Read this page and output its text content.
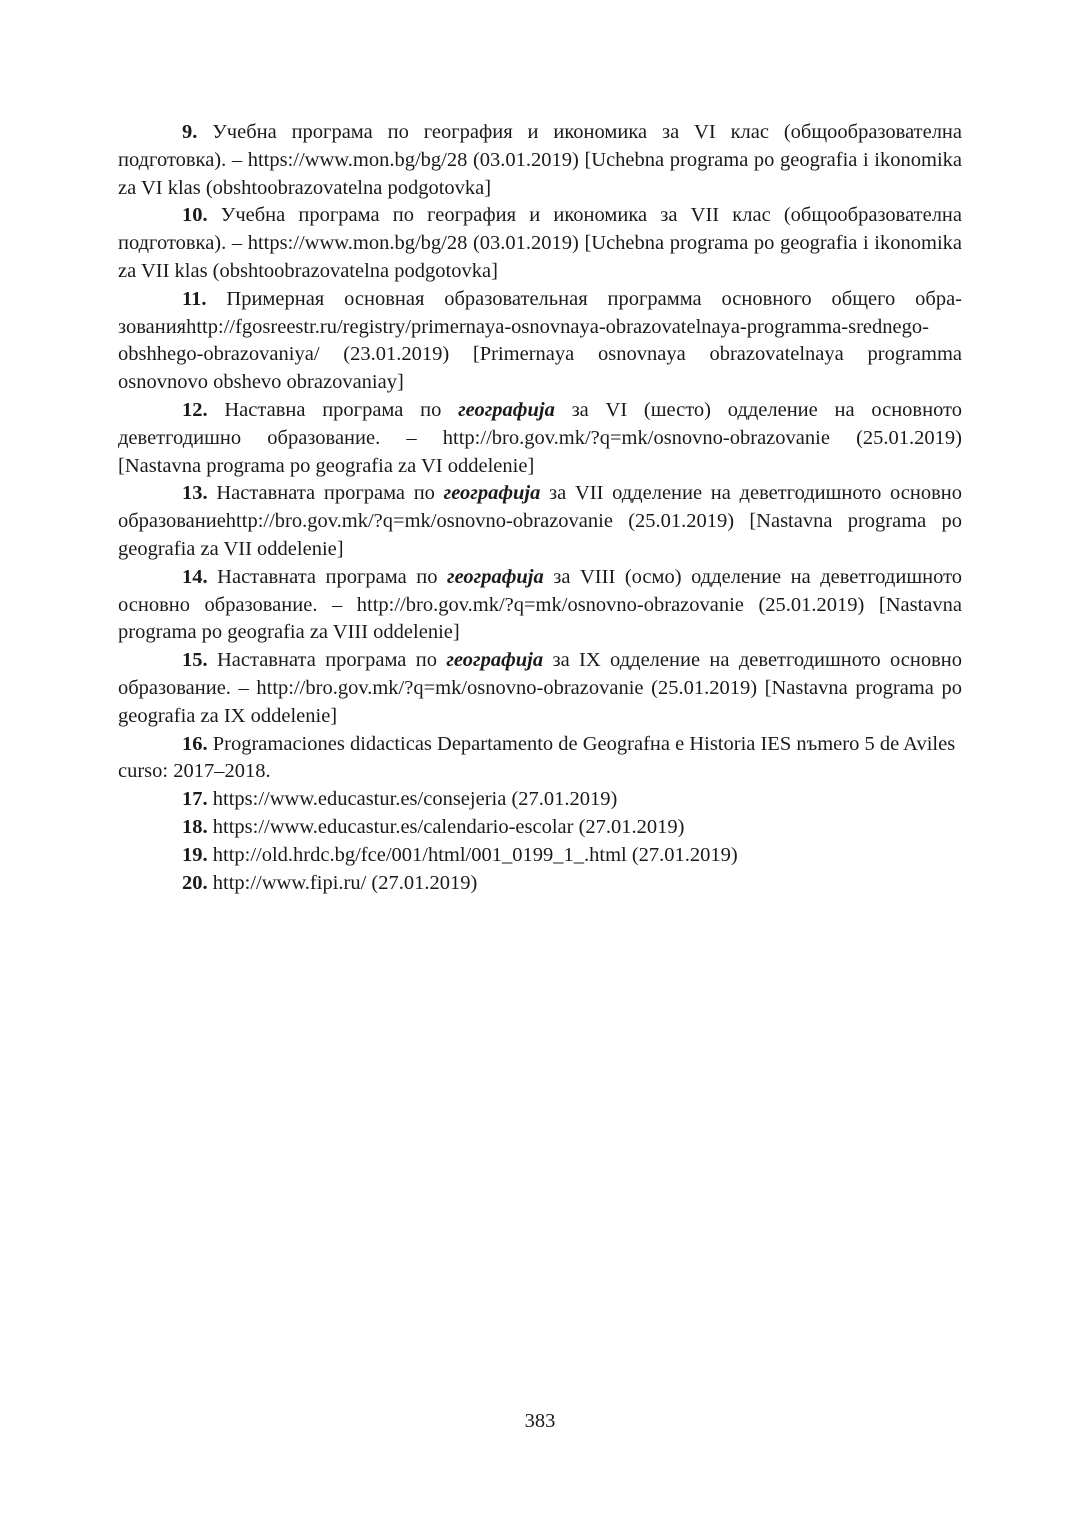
9. Учебна програма по география и икономика за VI клас (общообразователна подготовка). – https://www.mon.bg/bg/28 (03.01.2019) [Uchebna programa po geografia i ikonomika za VI klas (obshtoobrazovatelna podgotovka]

10. Учебна програма по география и икономика за VII клас (общообразователна подготовка). – https://www.mon.bg/bg/28 (03.01.2019) [Uchebna programa po geografia i ikonomika za VII klas (obshtoobrazovatelna podgotovka]

11. Примерная основная образовательная программа основного общего образованияhttp://fgosreestr.ru/registry/primernaya-osnovnaya-obrazovatelnaya-programma-srednego-obshhego-obrazovaniya/ (23.01.2019) [Primernaya osnovnaya obrazovatelnaya programma osnovnovo obshevo obrazovaniay]

12. Наставна програма по географија за VI (шесто) одделение на основното деветгодишно образование. – http://bro.gov.mk/?q=mk/osnovno-obrazovanie (25.01.2019) [Nastavna programa po geografia za VI oddelenie]

13. Наставната програма по географија за VII одделение на деветгодишното основно образованиеhttp://bro.gov.mk/?q=mk/osnovno-obrazovanie (25.01.2019) [Nastavna programa po geografia za VII oddelenie]

14. Наставната програма по географија за VIII (осмо) одделение на деветгодишното основно образование. – http://bro.gov.mk/?q=mk/osnovno-obrazovanie (25.01.2019) [Nastavna programa po geografia za VIII oddelenie]

15. Наставната програма по географија за IX одделение на деветгодишното основно образование. – http://bro.gov.mk/?q=mk/osnovno-obrazovanie (25.01.2019) [Nastavna programa po geografia za IX oddelenie]

16. Programaciones didacticas Departamento de Geografнa e Historia IES nъmero 5 de Aviles curso: 2017–2018.

17. https://www.educastur.es/consejeria (27.01.2019)

18. https://www.educastur.es/calendario-escolar (27.01.2019)

19. http://old.hrdc.bg/fce/001/html/001_0199_1_.html (27.01.2019)

20. http://www.fipi.ru/ (27.01.2019)

383
